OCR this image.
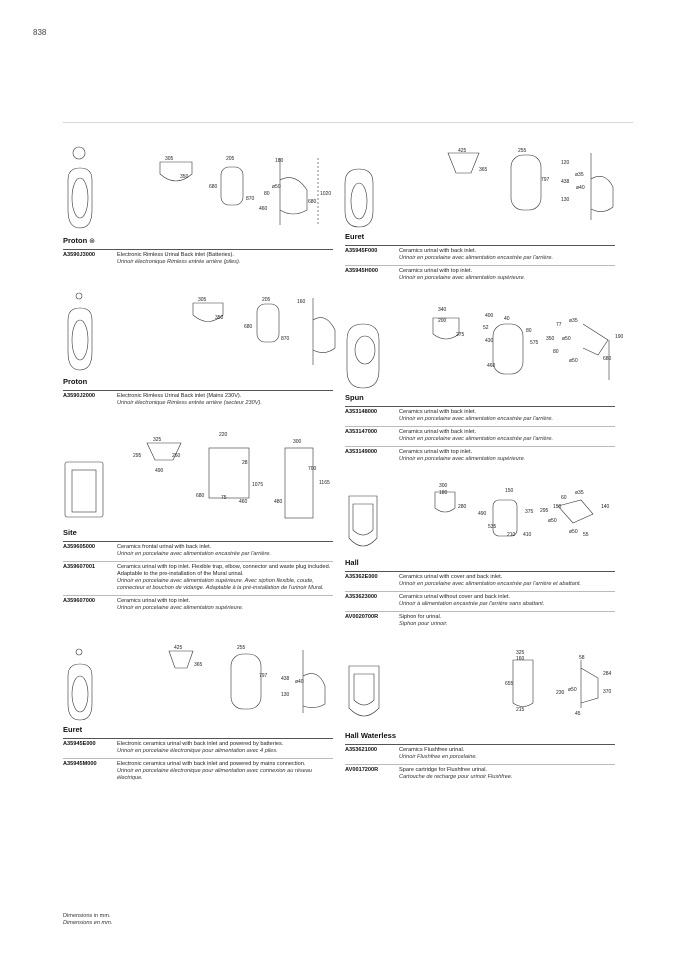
838
305
350
205
680
870
180
1020
680
460
80
ø50
Proton ⊛
A3590J3000	Electronic Rimless Urinal Back inlet (Batteries).
Urinoir électronique Rimless entrée arrière (piles).
305
350
205
680
870
160
Proton
A3590J2000	Electronic Rimless Urinal Back inlet (Mains 230V).
Urinoir électronique Rimless entrée arrière (secteur 230V).
325
295	260
490
220
28
1075
680	75
460
300
700
1165
480
Site
A359605000	Ceramics frontal urinal with back inlet.
Urinoir en porcelaine avec alimentation encastrée par l'arrière.
A359607001	Ceramics urinal with top inlet. Flexible trap, elbow, connector and waste plug included. Adaptable to the pre-installation of the Mural urinal.
Urinoir en porcelaine avec alimentation supérieure. Avec siphon flexible, coude, connecteur et bouchon de vidange. Adaptable à la pré-installation de l'urinoir Mural.
A359607000	Ceramics urinal with top inlet.
Urinoir en porcelaine avec alimentation supérieure.
425
365
255
797	438 ø40
130
Euret
A35945E000	Electronic ceramics urinal with back inlet and powered by batteries.
Urinoir en porcelaine électronique pour alimentation avec 4 piles.
A35945M000	Electronic ceramics urinal with back inlet and powered by mains connection.
Urinoir en porcelaine électronique pour alimentation avec connexion au réseau électrique.
425
365
255
797
120
ø35
438
ø40
130
Euret
A35945F000	Ceramics urinal with back inlet.
Urinoir en porcelaine avec alimentation encastrée par l'arrière.
A35945H000	Ceramics urinal with top inlet.
Urinoir en porcelaine avec alimentation supérieure.
340
200
275
400 40
52	80
430	575
460
77
ø35
190
350 ø50
80
ø50	680
Spun
A353148000	Ceramics urinal with back inlet.
Urinoir en porcelaine avec alimentation encastrée par l'arrière.
A353147000	Ceramics urinal with back inlet.
Urinoir en porcelaine avec alimentation encastrée par l'arrière.
A353149000	Ceramics urinal with top inlet.
Urinoir en porcelaine avec alimentation supérieure.
300
180
280
150
490	375
535
210 410
60
ø35
295
150	140
ø50
ø50 55
Hall
A35362E000	Ceramics urinal with cover and back inlet.
Urinoir en porcelaine avec alimentation encastrée par l'arrière et abattant.
A353623000	Ceramics urinal without cover and back inlet.
Urinoir à alimentation encastrée par l'arrière sans abattant.
AV0020700R	Siphon for urinal.
Siphon pour urinoir.
325
160
655
215
58
284
230 ø50	370
45
Hall Waterless
A353621000	Ceramics Flushfree urinal.
Urinoir Flushfree en porcelaine.
AV0017200R	Spare cartridge for Flushfree urinal.
Cartouche de recharge pour urinoir Flushfree.
Dimensions in mm.
Dimensions en mm.
